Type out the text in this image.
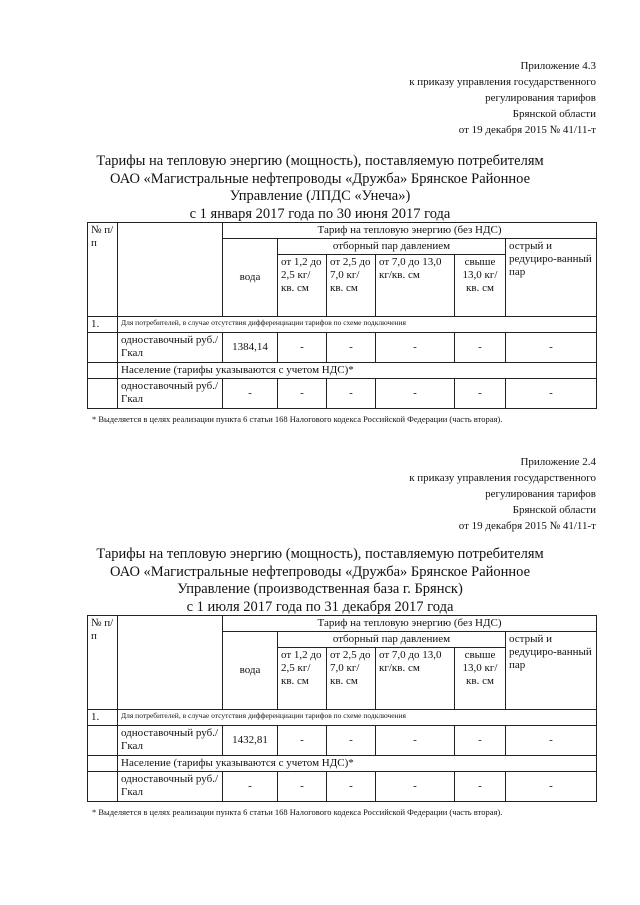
Приложение 4.3
к приказу управления государственного
регулирования тарифов
Брянской области
от 19 декабря 2015 № 41/11-т
Тарифы на тепловую энергию (мощность), поставляемую потребителям
ОАО «Магистральные нефтепроводы «Дружба» Брянское Районное
Управление (ЛПДС «Унеча»)
с 1 января 2017 года по 30 июня 2017 года
№ п/п		Тариф на тепловую энергию (без НДС)					
		вода	отборный пар давлением				острый и редуциро-ванный пар
			от 1,2 до 2,5 кг/кв. см	от 2,5 до 7,0 кг/кв. см	от 7,0 до 13,0 кг/кв. см	свыше 13,0 кг/ кв. см	
1.	Для потребителей, в случае отсутствия дифференциации тарифов по схеме подключения						
	одноставочный руб./Гкал	1384,14	-	-	-	-	-
	Население (тарифы указываются с учетом НДС)*						
	одноставочный руб./Гкал	-	-	-	-	-	-
* Выделяется в целях реализации пункта 6 статьи 168 Налогового кодекса Российской Федерации (часть вторая).
Приложение 2.4
к приказу управления государственного
регулирования тарифов
Брянской области
от 19 декабря 2015 № 41/11-т
Тарифы на тепловую энергию (мощность), поставляемую потребителям
ОАО «Магистральные нефтепроводы «Дружба» Брянское Районное
Управление (производственная база г. Брянск)
с 1 июля 2017 года по 31 декабря 2017 года
№ п/п		Тариф на тепловую энергию (без НДС)					
		вода	отборный пар давлением				острый и редуциро-ванный пар
			от 1,2 до 2,5 кг/кв. см	от 2,5 до 7,0 кг/кв. см	от 7,0 до 13,0 кг/кв. см	свыше 13,0 кг/ кв. см	
1.	Для потребителей, в случае отсутствия дифференциации тарифов по схеме подключения						
	одноставочный руб./Гкал	1432,81	-	-	-	-	-
	Население (тарифы указываются с учетом НДС)*						
	одноставочный руб./Гкал	-	-	-	-	-	-
* Выделяется в целях реализации пункта 6 статьи 168 Налогового кодекса Российской Федерации (часть вторая).
